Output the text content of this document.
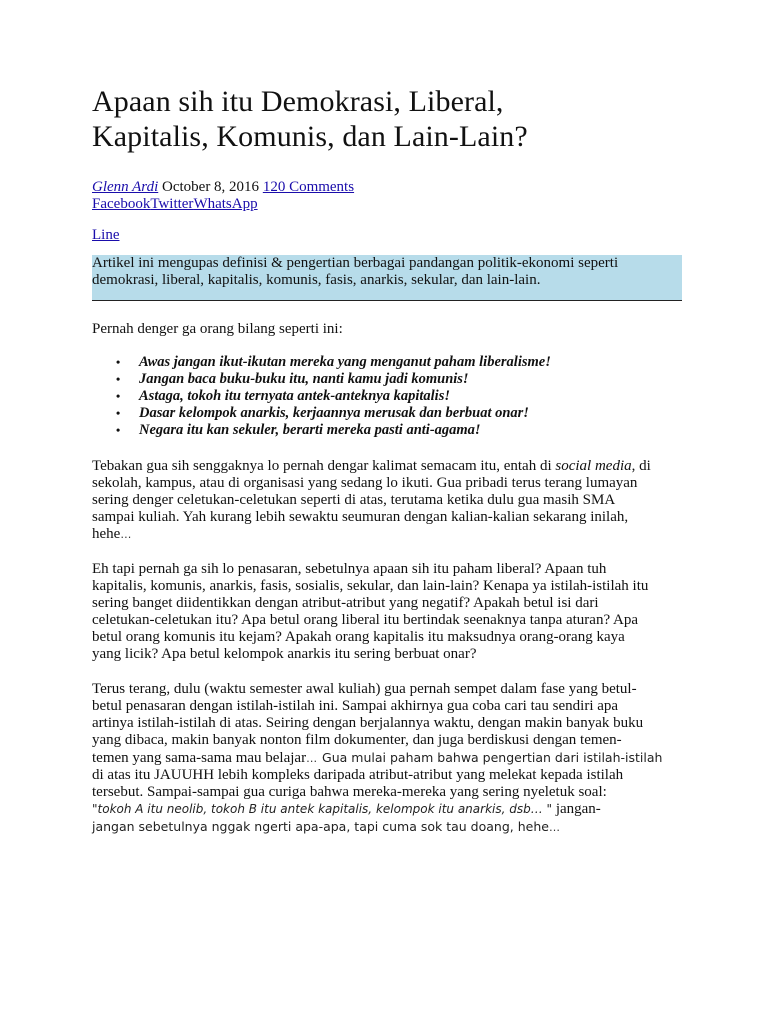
Apaan sih itu Demokrasi, Liberal,
Kapitalis, Komunis, dan Lain-Lain?
Glenn Ardi October 8, 2016 120 Comments
FacebookTwitterWhatsApp
Line
Artikel ini mengupas definisi & pengertian berbagai pandangan politik-ekonomi seperti
demokrasi, liberal, kapitalis, komunis, fasis, anarkis, sekular, dan lain-lain.
Pernah denger ga orang bilang seperti ini:
• Awas jangan ikut-ikutan mereka yang menganut paham liberalisme!
• Jangan baca buku-buku itu, nanti kamu jadi komunis!
• Astaga, tokoh itu ternyata antek-anteknya kapitalis!
• Dasar kelompok anarkis, kerjaannya merusak dan berbuat onar!
• Negara itu kan sekuler, berarti mereka pasti anti-agama!

Tebakan gua sih senggaknya lo pernah dengar kalimat semacam itu, entah di social media, di
sekolah, kampus, atau di organisasi yang sedang lo ikuti. Gua pribadi terus terang lumayan
sering denger celetukan-celetukan seperti di atas, terutama ketika dulu gua masih SMA
sampai kuliah. Yah kurang lebih sewaktu seumuran dengan kalian-kalian sekarang inilah,
hehe…

Eh tapi pernah ga sih lo penasaran, sebetulnya apaan sih itu paham liberal? Apaan tuh
kapitalis, komunis, anarkis, fasis, sosialis, sekular, dan lain-lain? Kenapa ya istilah-istilah itu
sering banget diidentikkan dengan atribut-atribut yang negatif? Apakah betul isi dari
celetukan-celetukan itu? Apa betul orang liberal itu bertindak seenaknya tanpa aturan? Apa
betul orang komunis itu kejam? Apakah orang kapitalis itu maksudnya orang-orang kaya
yang licik? Apa betul kelompok anarkis itu sering berbuat onar?

Terus terang, dulu (waktu semester awal kuliah) gua pernah sempet dalam fase yang betul-
betul penasaran dengan istilah-istilah ini. Sampai akhirnya gua coba cari tau sendiri apa
artinya istilah-istilah di atas. Seiring dengan berjalannya waktu, dengan makin banyak buku
yang dibaca, makin banyak nonton film dokumenter, dan juga berdiskusi dengan temen-
temen yang sama-sama mau belajar… Gua mulai paham bahwa pengertian dari istilah-istilah
di atas itu JAUUHH lebih kompleks daripada atribut-atribut yang melekat kepada istilah
tersebut. Sampai-sampai gua curiga bahwa mereka-mereka yang sering nyeletuk soal:
"tokoh A itu neolib, tokoh B itu antek kapitalis, kelompok itu anarkis, dsb… " jangan-
jangan sebetulnya nggak ngerti apa-apa, tapi cuma sok tau doang, hehe…
